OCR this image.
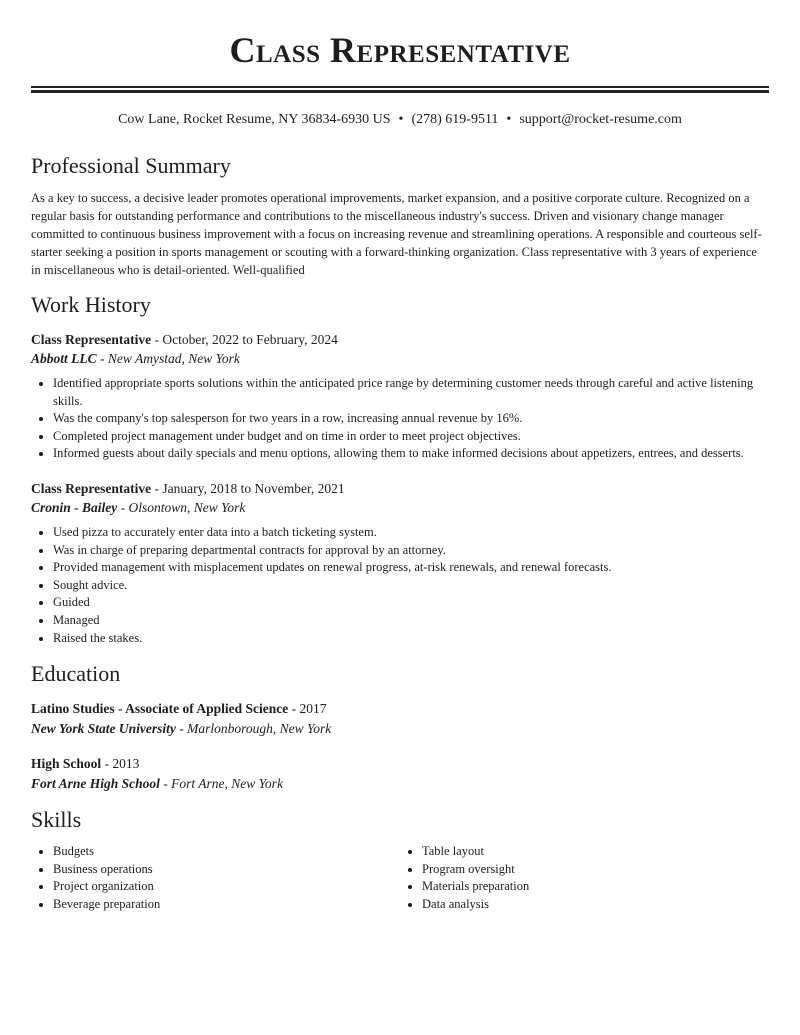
Class Representative
Cow Lane, Rocket Resume, NY 36834-6930 US • (278) 619-9511 • support@rocket-resume.com
Professional Summary
As a key to success, a decisive leader promotes operational improvements, market expansion, and a positive corporate culture. Recognized on a regular basis for outstanding performance and contributions to the miscellaneous industry's success. Driven and visionary change manager committed to continuous business improvement with a focus on increasing revenue and streamlining operations. A responsible and courteous self-starter seeking a position in sports management or scouting with a forward-thinking organization. Class representative with 3 years of experience in miscellaneous who is detail-oriented. Well-qualified
Work History
Class Representative - October, 2022 to February, 2024
Abbott LLC - New Amystad, New York
• Identified appropriate sports solutions within the anticipated price range by determining customer needs through careful and active listening skills.
• Was the company's top salesperson for two years in a row, increasing annual revenue by 16%.
• Completed project management under budget and on time in order to meet project objectives.
• Informed guests about daily specials and menu options, allowing them to make informed decisions about appetizers, entrees, and desserts.
Class Representative - January, 2018 to November, 2021
Cronin - Bailey - Olsontown, New York
• Used pizza to accurately enter data into a batch ticketing system.
• Was in charge of preparing departmental contracts for approval by an attorney.
• Provided management with misplacement updates on renewal progress, at-risk renewals, and renewal forecasts.
• Sought advice.
• Guided
• Managed
• Raised the stakes.
Education
Latino Studies - Associate of Applied Science - 2017
New York State University - Marlonborough, New York
High School - 2013
Fort Arne High School - Fort Arne, New York
Skills
• Budgets
• Business operations
• Project organization
• Beverage preparation
• Table layout
• Program oversight
• Materials preparation
• Data analysis
